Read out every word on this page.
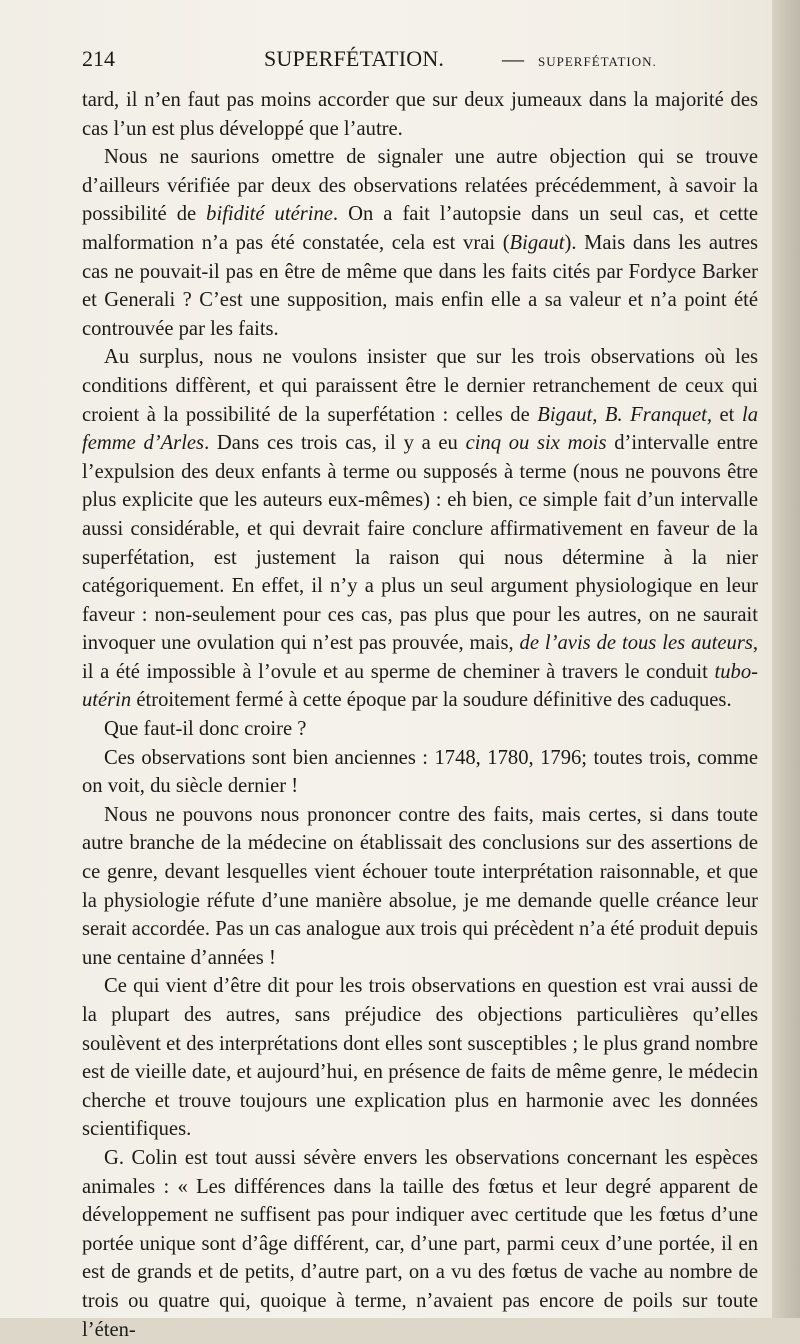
214	SUPERFÉTATION.	— SUPERFÉTATION.

tard, il n’en faut pas moins accorder que sur deux jumeaux dans la majorité des cas l’un est plus développé que l’autre.

Nous ne saurions omettre de signaler une autre objection qui se trouve d’ailleurs vérifiée par deux des observations relatées précédemment, à savoir la possibilité de bifidité utérine. On a fait l’autopsie dans un seul cas, et cette malformation n’a pas été constatée, cela est vrai (Bigaut). Mais dans les autres cas ne pouvait-il pas en être de même que dans les faits cités par Fordyce Barker et Generali ? C’est une supposition, mais enfin elle a sa valeur et n’a point été controuvée par les faits.

Au surplus, nous ne voulons insister que sur les trois observations où les conditions diffèrent, et qui paraissent être le dernier retranchement de ceux qui croient à la possibilité de la superfétation : celles de Bigaut, B. Franquet, et la femme d’Arles. Dans ces trois cas, il y a eu cinq ou six mois d’intervalle entre l’expulsion des deux enfants à terme ou supposés à terme (nous ne pouvons être plus explicite que les auteurs eux-mêmes) : eh bien, ce simple fait d’un intervalle aussi considérable, et qui devrait faire conclure affirmativement en faveur de la superfétation, est justement la raison qui nous détermine à la nier catégoriquement. En effet, il n’y a plus un seul argument physiologique en leur faveur : non-seulement pour ces cas, pas plus que pour les autres, on ne saurait invoquer une ovulation qui n’est pas prouvée, mais, de l’avis de tous les auteurs, il a été impossible à l’ovule et au sperme de cheminer à travers le conduit tubo-utérin étroitement fermé à cette époque par la soudure définitive des caduques.

Que faut-il donc croire ?

Ces observations sont bien anciennes : 1748, 1780, 1796; toutes trois, comme on voit, du siècle dernier !

Nous ne pouvons nous prononcer contre des faits, mais certes, si dans toute autre branche de la médecine on établissait des conclusions sur des assertions de ce genre, devant lesquelles vient échouer toute interprétation raisonnable, et que la physiologie réfute d’une manière absolue, je me demande quelle créance leur serait accordée. Pas un cas analogue aux trois qui précèdent n’a été produit depuis une centaine d’années !

Ce qui vient d’être dit pour les trois observations en question est vrai aussi de la plupart des autres, sans préjudice des objections particulières qu’elles soulèvent et des interprétations dont elles sont susceptibles ; le plus grand nombre est de vieille date, et aujourd’hui, en présence de faits de même genre, le médecin cherche et trouve toujours une explication plus en harmonie avec les données scientifiques.

G. Colin est tout aussi sévère envers les observations concernant les espèces animales : « Les différences dans la taille des fœtus et leur degré apparent de développement ne suffisent pas pour indiquer avec certitude que les fœtus d’une portée unique sont d’âge différent, car, d’une part, parmi ceux d’une portée, il en est de grands et de petits, d’autre part, on a vu des fœtus de vache au nombre de trois ou quatre qui, quoique à terme, n’avaient pas encore de poils sur toute l’éten-
